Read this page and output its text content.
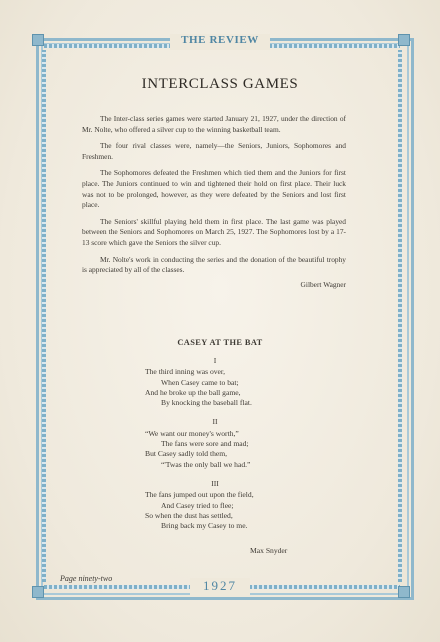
THE REVIEW
INTERCLASS GAMES

The Inter-class series games were started January 21, 1927, under the direction of Mr. Nolte, who offered a silver cup to the winning basketball team.

The four rival classes were, namely—the Seniors, Juniors, Sophomores and Freshmen.

The Sophomores defeated the Freshmen which tied them and the Juniors for first place. The Juniors continued to win and tightened their hold on first place. Their luck was not to be prolonged, however, as they were defeated by the Seniors and lost first place.

The Seniors' skillful playing held them in first place. The last game was played between the Seniors and Sophomores on March 25, 1927. The Sophomores lost by a 17-13 score which gave the Seniors the silver cup.

Mr. Nolte's work in conducting the series and the donation of the beautiful trophy is appreciated by all of the classes.

Gilbert Wagner
CASEY AT THE BAT
I
The third inning was over,
When Casey came to bat;
And he broke up the ball game,
By knocking the baseball flat.
II
“We want our money's worth,”
The fans were sore and mad;
But Casey sadly told them,
“'Twas the only ball we had.”
III
The fans jumped out upon the field,
And Casey tried to flee;
So when the dust has settled,
Bring back my Casey to me.
Max Snyder
Page ninety-two	1927
